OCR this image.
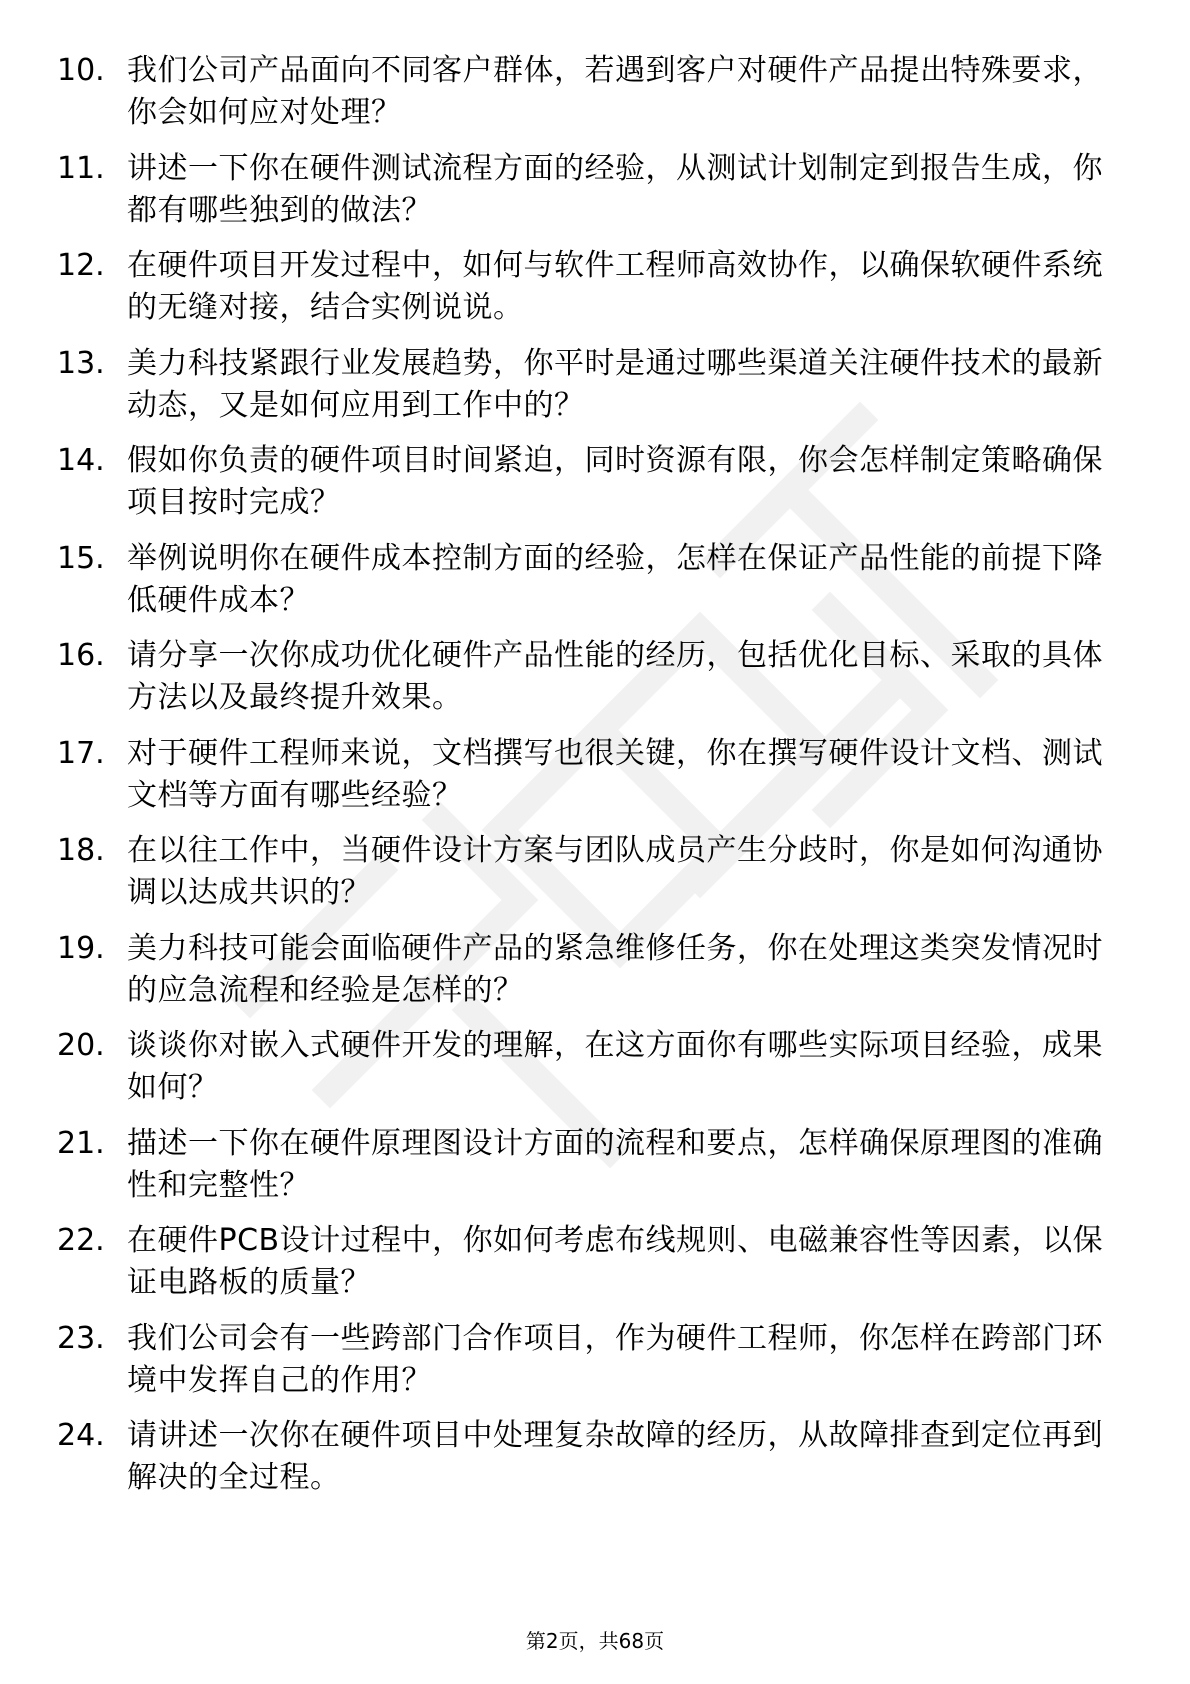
10. 我们公司产品面向不同客户群体，若遇到客户对硬件产品提出特殊要求，你会如何应对处理？
11. 讲述一下你在硬件测试流程方面的经验，从测试计划制定到报告生成，你都有哪些独到的做法？
12. 在硬件项目开发过程中，如何与软件工程师高效协作，以确保软硬件系统的无缝对接，结合实例说说。
13. 美力科技紧跟行业发展趋势，你平时是通过哪些渠道关注硬件技术的最新动态，又是如何应用到工作中的？
14. 假如你负责的硬件项目时间紧迫，同时资源有限，你会怎样制定策略确保项目按时完成？
15. 举例说明你在硬件成本控制方面的经验，怎样在保证产品性能的前提下降低硬件成本？
16. 请分享一次你成功优化硬件产品性能的经历，包括优化目标、采取的具体方法以及最终提升效果。
17. 对于硬件工程师来说，文档撰写也很关键，你在撰写硬件设计文档、测试文档等方面有哪些经验？
18. 在以往工作中，当硬件设计方案与团队成员产生分歧时，你是如何沟通协调以达成共识的？
19. 美力科技可能会面临硬件产品的紧急维修任务，你在处理这类突发情况时的应急流程和经验是怎样的？
20. 谈谈你对嵌入式硬件开发的理解，在这方面你有哪些实际项目经验，成果如何？
21. 描述一下你在硬件原理图设计方面的流程和要点，怎样确保原理图的准确性和完整性？
22. 在硬件PCB设计过程中，你如何考虑布线规则、电磁兼容性等因素，以保证电路板的质量？
23. 我们公司会有一些跨部门合作项目，作为硬件工程师，你怎样在跨部门环境中发挥自己的作用？
24. 请讲述一次你在硬件项目中处理复杂故障的经历，从故障排查到定位再到解决的全过程。
第2页，共68页
